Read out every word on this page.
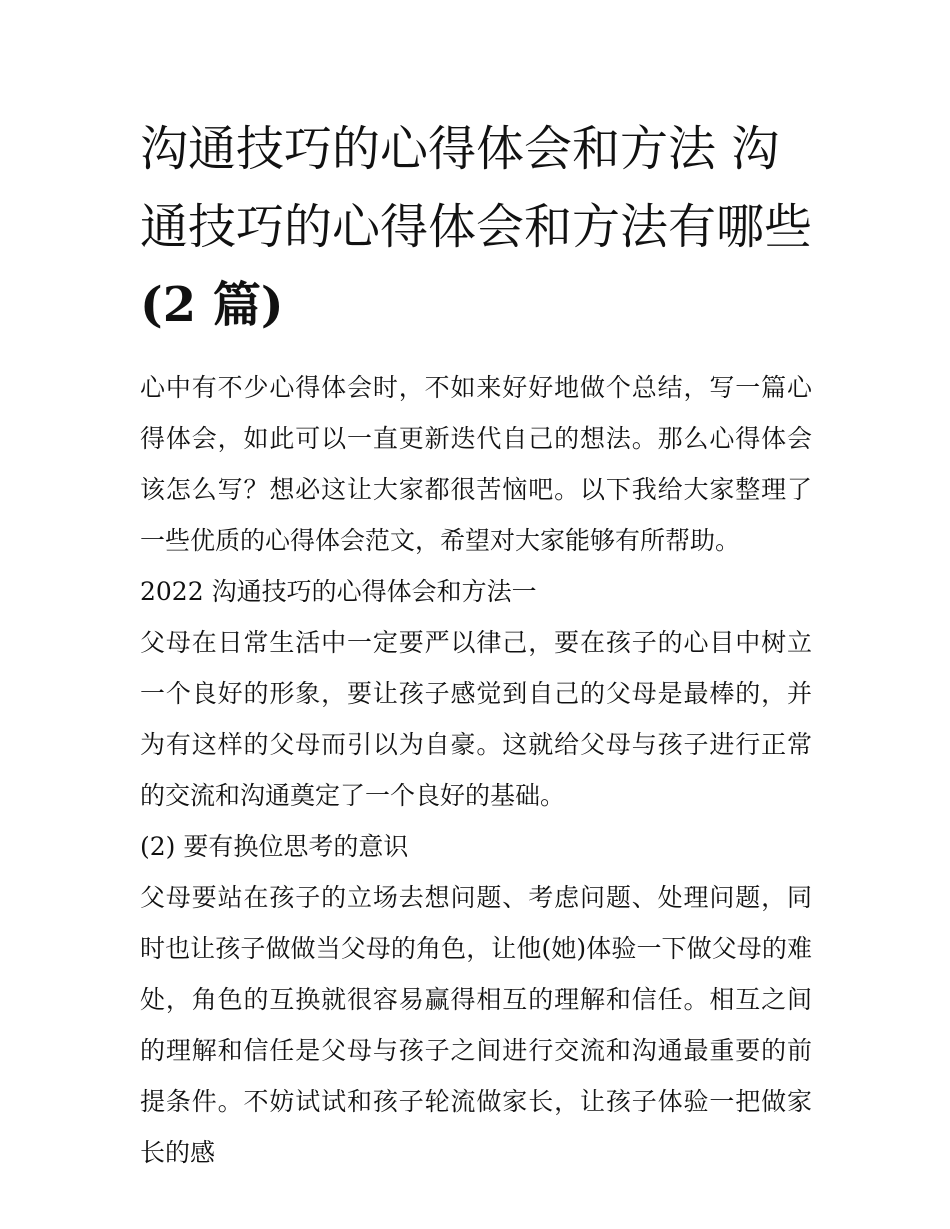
沟通技巧的心得体会和方法 沟通技巧的心得体会和方法有哪些(2 篇)

心中有不少心得体会时，不如来好好地做个总结，写一篇心得体会，如此可以一直更新迭代自己的想法。那么心得体会该怎么写？想必这让大家都很苦恼吧。以下我给大家整理了一些优质的心得体会范文，希望对大家能够有所帮助。

2022 沟通技巧的心得体会和方法一

父母在日常生活中一定要严以律己，要在孩子的心目中树立一个良好的形象，要让孩子感觉到自己的父母是最棒的，并为有这样的父母而引以为自豪。这就给父母与孩子进行正常的交流和沟通奠定了一个良好的基础。

(2) 要有换位思考的意识

父母要站在孩子的立场去想问题、考虑问题、处理问题，同时也让孩子做做当父母的角色，让他(她)体验一下做父母的难处，角色的互换就很容易赢得相互的理解和信任。相互之间的理解和信任是父母与孩子之间进行交流和沟通最重要的前提条件。不妨试试和孩子轮流做家长，让孩子体验一把做家长的感
